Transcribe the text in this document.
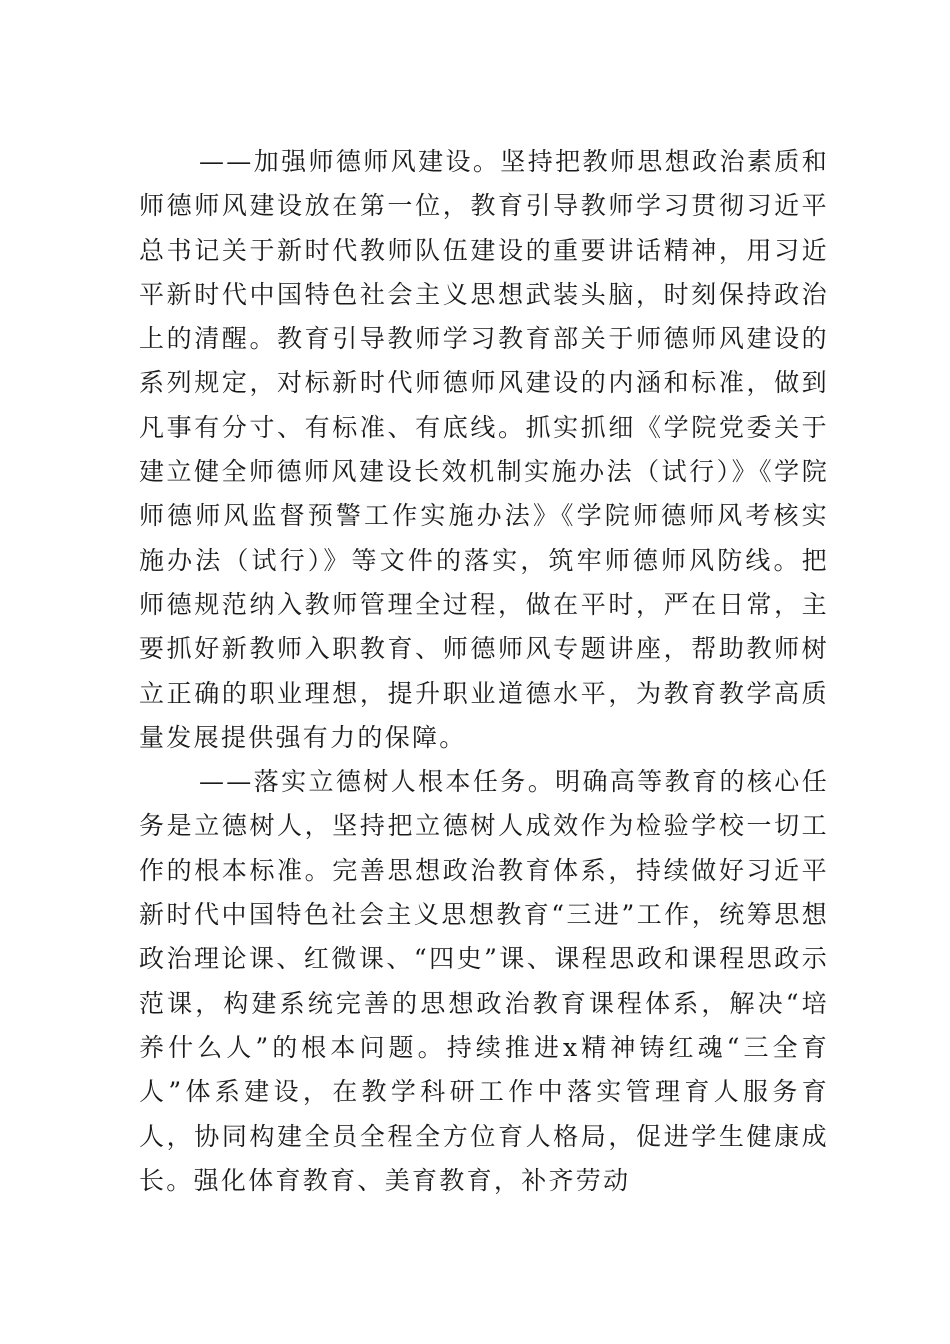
——加强师德师风建设。坚持把教师思想政治素质和师德师风建设放在第一位，教育引导教师学习贯彻习近平总书记关于新时代教师队伍建设的重要讲话精神，用习近平新时代中国特色社会主义思想武装头脑，时刻保持政治上的清醒。教育引导教师学习教育部关于师德师风建设的系列规定，对标新时代师德师风建设的内涵和标准，做到凡事有分寸、有标准、有底线。抓实抓细《学院党委关于建立健全师德师风建设长效机制实施办法（试行）》《学院师德师风监督预警工作实施办法》《学院师德师风考核实施办法（试行）》等文件的落实，筑牢师德师风防线。把师德规范纳入教师管理全过程，做在平时，严在日常，主要抓好新教师入职教育、师德师风专题讲座，帮助教师树立正确的职业理想，提升职业道德水平，为教育教学高质量发展提供强有力的保障。

——落实立德树人根本任务。明确高等教育的核心任务是立德树人，坚持把立德树人成效作为检验学校一切工作的根本标准。完善思想政治教育体系，持续做好习近平新时代中国特色社会主义思想教育“三进”工作，统筹思想政治理论课、红微课、“四史”课、课程思政和课程思政示范课，构建系统完善的思想政治教育课程体系，解决“培养什么人”的根本问题。持续推进x精神铸红魂“三全育人”体系建设，在教学科研工作中落实管理育人服务育人，协同构建全员全程全方位育人格局，促进学生健康成长。强化体育教育、美育教育，补齐劳动
